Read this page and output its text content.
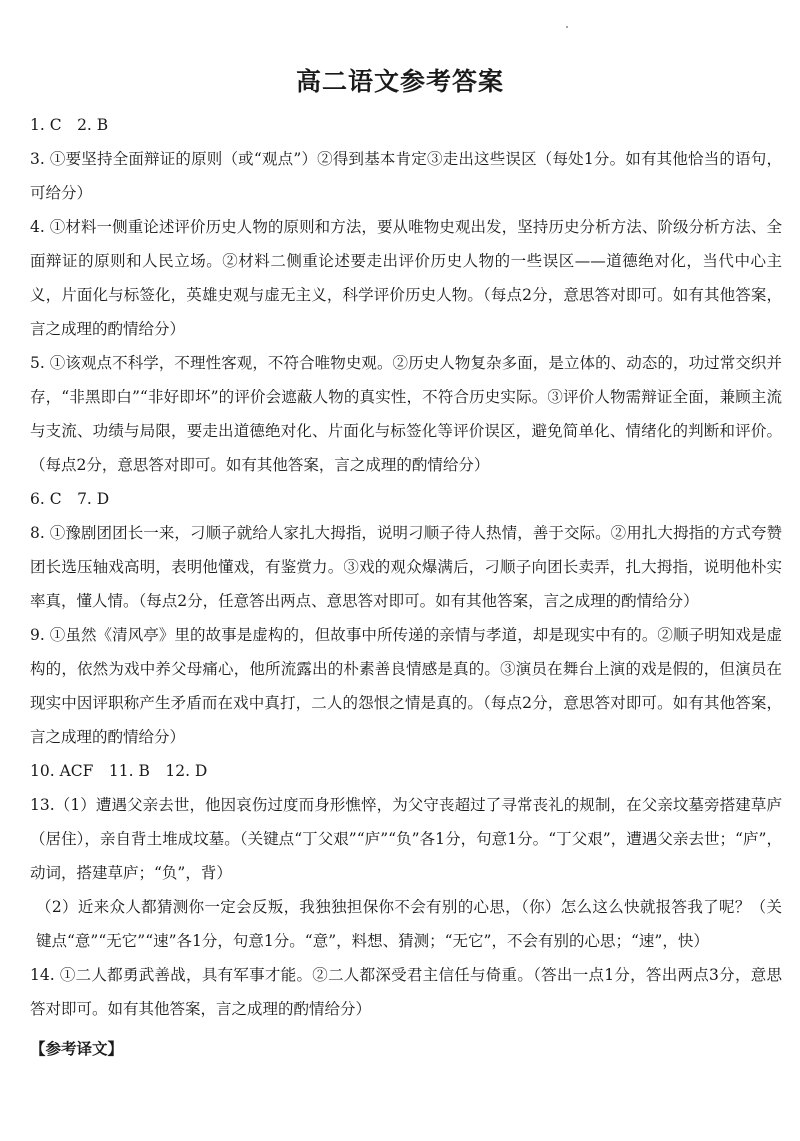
高二语文参考答案

1. C　2. B

3. ①要坚持全面辩证的原则（或“观点”）②得到基本肯定③走出这些误区（每处1分。如有其他恰当的语句，可给分）

4. ①材料一侧重论述评价历史人物的原则和方法，要从唯物史观出发，坚持历史分析方法、阶级分析方法、全面辩证的原则和人民立场。②材料二侧重论述要走出评价历史人物的一些误区——道德绝对化，当代中心主义，片面化与标签化，英雄史观与虚无主义，科学评价历史人物。（每点2分，意思答对即可。如有其他答案，言之成理的酌情给分）

5. ①该观点不科学，不理性客观，不符合唯物史观。②历史人物复杂多面，是立体的、动态的，功过常交织并存，“非黑即白”“非好即坏”的评价会遮蔽人物的真实性，不符合历史实际。③评价人物需辩证全面，兼顾主流与支流、功绩与局限，要走出道德绝对化、片面化与标签化等评价误区，避免简单化、情绪化的判断和评价。（每点2分，意思答对即可。如有其他答案，言之成理的酌情给分）

6. C　7. D

8. ①豫剧团团长一来，刁顺子就给人家扎大拇指，说明刁顺子待人热情，善于交际。②用扎大拇指的方式夸赞团长选压轴戏高明，表明他懂戏，有鉴赏力。③戏的观众爆满后，刁顺子向团长卖弄，扎大拇指，说明他朴实率真，懂人情。（每点2分，任意答出两点、意思答对即可。如有其他答案，言之成理的酌情给分）

9. ①虽然《清风亭》里的故事是虚构的，但故事中所传递的亲情与孝道，却是现实中有的。②顺子明知戏是虚构的，依然为戏中养父母痛心，他所流露出的朴素善良情感是真的。③演员在舞台上演的戏是假的，但演员在现实中因评职称产生矛盾而在戏中真打，二人的怨恨之情是真的。（每点2分，意思答对即可。如有其他答案，言之成理的酌情给分）

10. ACF　11. B　12. D

13.（1）遭遇父亲去世，他因哀伤过度而身形憔悴，为父守丧超过了寻常丧礼的规制，在父亲坟墓旁搭建草庐（居住），亲自背土堆成坟墓。（关键点“丁父艰”“庐”“负”各1分，句意1分。“丁父艰”，遭遇父亲去世；“庐”，动词，搭建草庐；“负”，背）

（2）近来众人都猜测你一定会反叛，我独独担保你不会有别的心思，（你）怎么这么快就报答我了呢？（关键点“意”“无它”“速”各1分，句意1分。“意”，料想、猜测；“无它”，不会有别的心思；“速”，快）

14. ①二人都勇武善战，具有军事才能。②二人都深受君主信任与倚重。（答出一点1分，答出两点3分，意思答对即可。如有其他答案，言之成理的酌情给分）

【参考译文】
